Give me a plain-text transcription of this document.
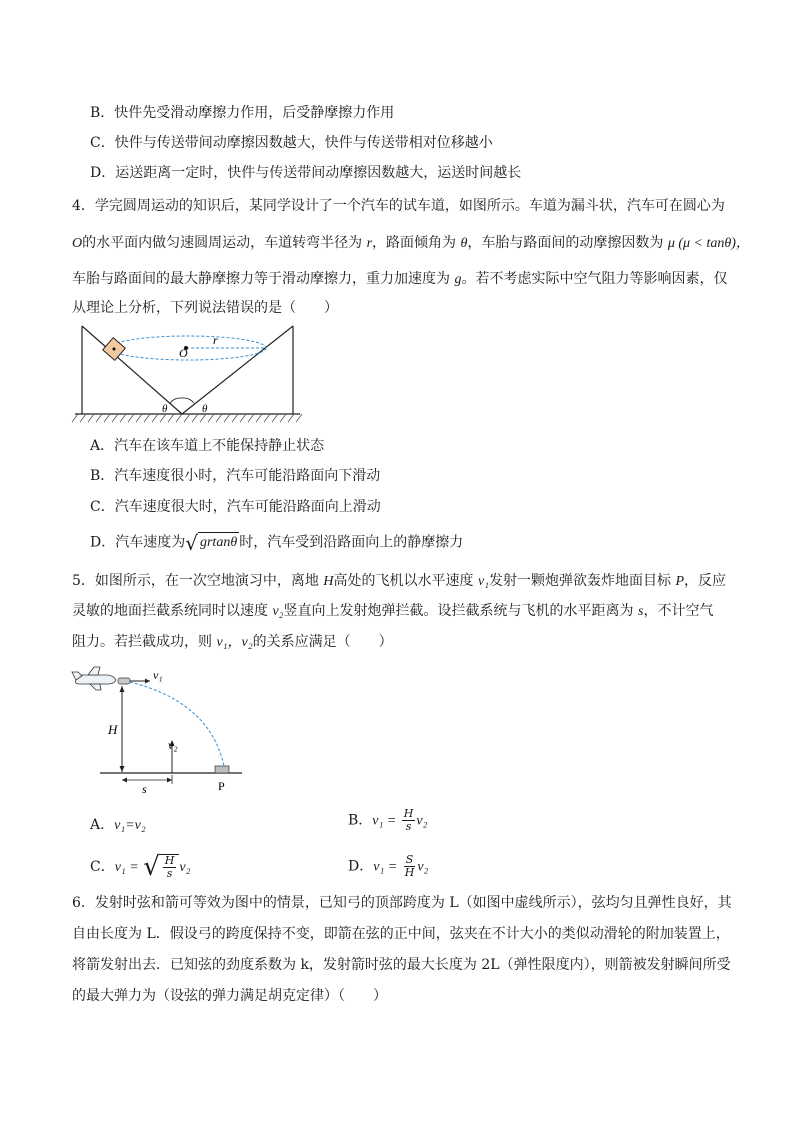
B．快件先受滑动摩擦力作用，后受静摩擦力作用
C．快件与传送带间动摩擦因数越大，快件与传送带相对位移越小
D．运送距离一定时，快件与传送带间动摩擦因数越大，运送时间越长
4．学完圆周运动的知识后，某同学设计了一个汽车的试车道，如图所示。车道为漏斗状，汽车可在圆心为
O的水平面内做匀速圆周运动，车道转弯半径为 r，路面倾角为 θ，车胎与路面间的动摩擦因数为 μ (μ < tanθ)，
车胎与路面间的最大静摩擦力等于滑动摩擦力，重力加速度为 g。若不考虑实际中空气阻力等影响因素，仅
从理论上分析，下列说法错误的是（　　）
O
r
θ	θ
A．汽车在该车道上不能保持静止状态
B．汽车速度很小时，汽车可能沿路面向下滑动
C．汽车速度很大时，汽车可能沿路面向上滑动
D．汽车速度为 √ grtanθ 时，汽车受到沿路面向上的静摩擦力
5．如图所示，在一次空地演习中，离地 H高处的飞机以水平速度 v₁发射一颗炮弹欲轰炸地面目标 P，反应
灵敏的地面拦截系统同时以速度 v₂竖直向上发射炮弹拦截。设拦截系统与飞机的水平距离为 s，不计空气
阻力。若拦截成功，则 v₁，v₂的关系应满足（　　）
v₁
H
v₂
s	P
A．v₁=v₂	B．$v_1 = \frac{H}{s} v_2$
C．v₁ = √ $\frac{H}{s} v_2$	D．$v_1 = \frac{S}{H} v_2$
6．发射时弦和箭可等效为图中的情景，已知弓的顶部跨度为 L（如图中虚线所示），弦均匀且弹性良好，其
自由长度为 L．假设弓的跨度保持不变，即箭在弦的正中间，弦夹在不计大小的类似动滑轮的附加装置上，
将箭发射出去．已知弦的劲度系数为 k，发射箭时弦的最大长度为 2L（弹性限度内），则箭被发射瞬间所受
的最大弹力为（设弦的弹力满足胡克定律）（　　）
